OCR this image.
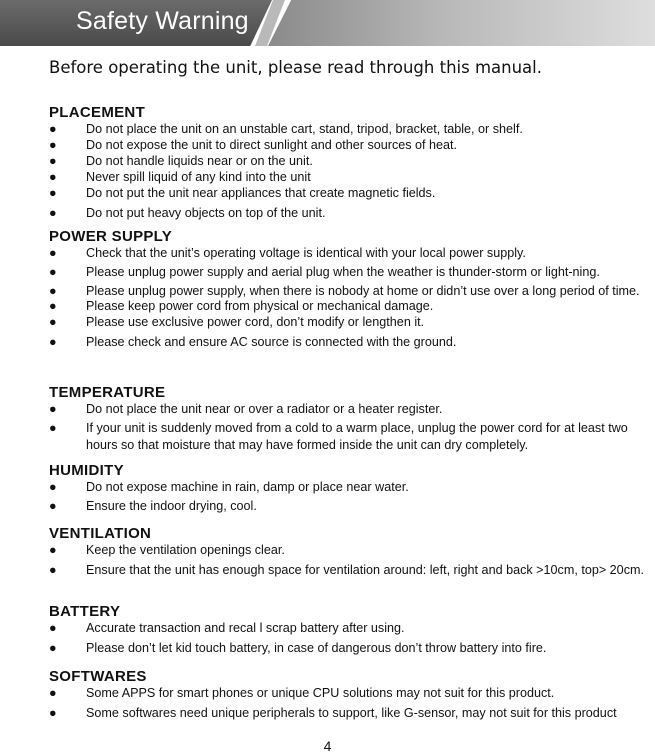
Safety Warning
Before operating the unit, please read through this manual.
PLACEMENT
● Do not place the unit on an unstable cart, stand, tripod, bracket, table, or shelf.
● Do not expose the unit to direct sunlight and other sources of heat.
● Do not handle liquids near or on the unit.
● Never spill liquid of any kind into the unit
● Do not put the unit near appliances that create magnetic fields.
● Do not put heavy objects on top of the unit.
POWER SUPPLY
● Check that the unit’s operating voltage is identical with your local power supply.
● Please unplug power supply and aerial plug when the weather is thunder-storm or light-ning.
● Please unplug power supply, when there is nobody at home or didn’t use over a long period of time.
● Please keep power cord from physical or mechanical damage.
● Please use exclusive power cord, don’t modify or lengthen it.
● Please check and ensure AC source is connected with the ground.
TEMPERATURE
● Do not place the unit near or over a radiator or a heater register.
● If your unit is suddenly moved from a cold to a warm place, unplug the power cord for at least two hours so that moisture that may have formed inside the unit can dry completely.
HUMIDITY
● Do not expose machine in rain, damp or place near water.
● Ensure the indoor drying, cool.
VENTILATION
● Keep the ventilation openings clear.
● Ensure that the unit has enough space for ventilation around: left, right and back >10cm, top> 20cm.
BATTERY
● Accurate transaction and recal l scrap battery after using.
● Please don’t let kid touch battery, in case of dangerous don’t throw battery into fire.
SOFTWARES
● Some APPS for smart phones or unique CPU solutions may not suit for this product.
● Some softwares need unique peripherals to support, like G-sensor, may not suit for this product
4
